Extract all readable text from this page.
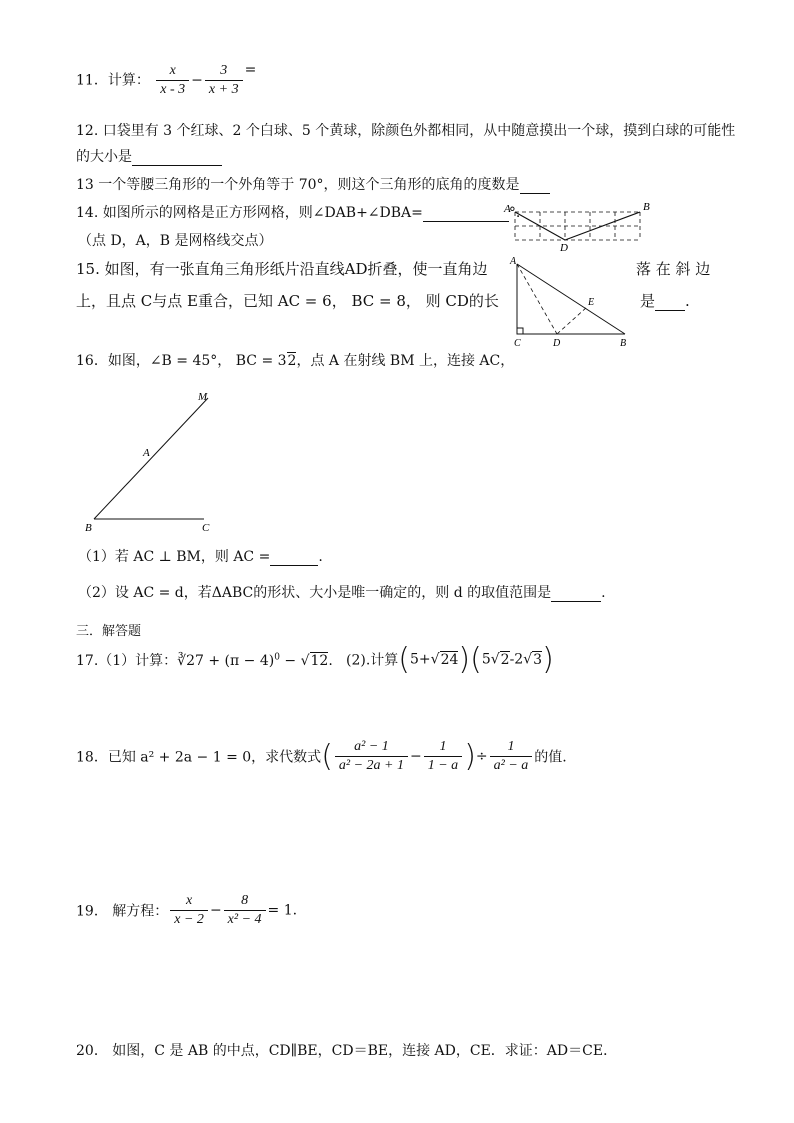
11．计算： $\frac{x}{x - 3} - \frac{3}{x + 3}$ =
12. 口袋里有 3 个红球、2 个白球、5 个黄球，除颜色外都相同，从中随意摸出一个球，摸到白球的可能性
的大小是
13 一个等腰三角形的一个外角等于 70°，则这个三角形的底角的度数是
14. 如图所示的网格是正方形网格，则∠DAB+∠DBA=	°.
（点 D，A，B 是网格线交点）
A	B
D
15. 如图，有一张直角三角形纸片沿直线AD折叠，使一直角边	落 在 斜 边
上，且点 C与点 E重合，已知 AC = 6， BC = 8， 则 CD的长	是 .
A
C	D	B
E
16．如图，∠B = 45°， BC = 32，点 A 在射线 BM 上，连接 AC，
M
A
B	C
（1）若 AC ⊥ BM，则 AC =	.
（2）设 AC = d，若ΔABC的形状、大小是唯一确定的，则 d 的取值范围是	.
三．解答题
17.（1）计算：∛27 + $(\pi - 4)^0 - √12$. (2).计算(5+√24)(5√2-2√3)
18．已知 a² + 2a − 1 = 0，求代数式( $\frac{\text{a² − 1}}{\text{a² − 2a + 1}} - \frac{1}{1 - a}$ )÷ $\frac{1}{\text{a² − a}}$ 的值.
19． 解方程： $\frac{x}{x - 2} - \frac{8}{\text{x² − 4}} = 1$.
20． 如图，C 是 AB 的中点，CD∥BE，CD＝BE，连接 AD，CE．求证：AD＝CE．
